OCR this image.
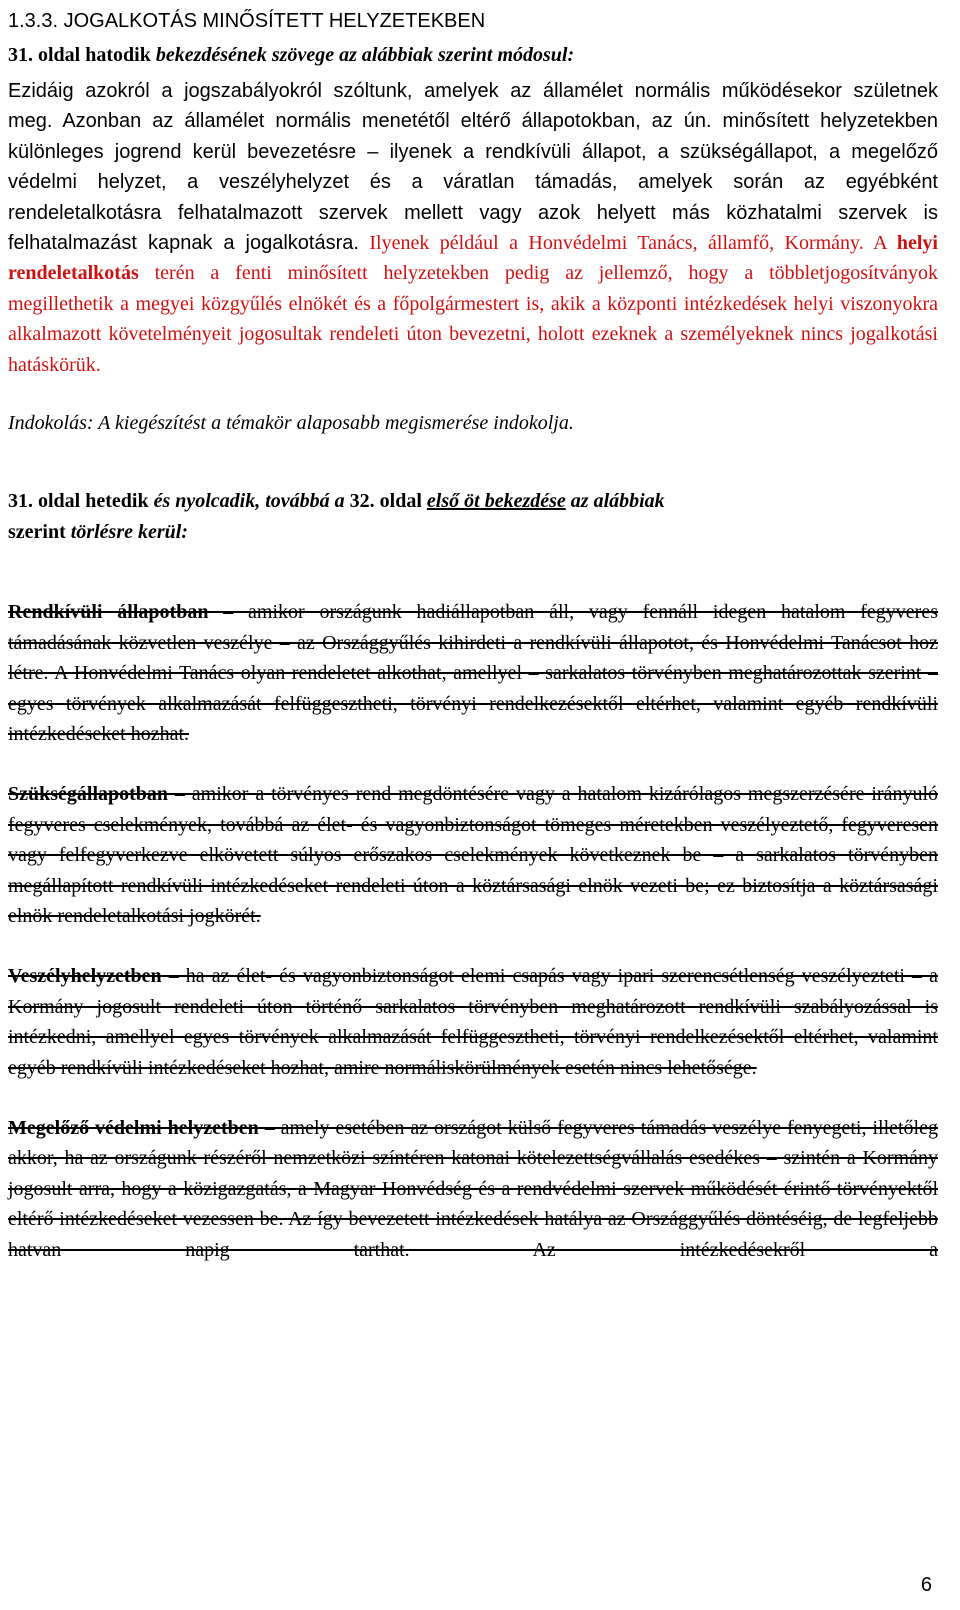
1.3.3. JOGALKOTÁS MINŐSÍTETT HELYZETEKBEN
31. oldal hatodik bekezdésének szövege az alábbiak szerint módosul:

Ezidáig azokról a jogszabályokról szóltunk, amelyek az államélet normális működésekor születnek meg. Azonban az államélet normális menetétől eltérő állapotokban, az ún. minősített helyzetekben különleges jogrend kerül bevezetésre – ilyenek a rendkívüli állapot, a szükségállapot, a megelőző védelmi helyzet, a veszélyhelyzet és a váratlan támadás, amelyek során az egyébként rendeletalkotásra felhatalmazott szervek mellett vagy azok helyett más közhatalmi szervek is felhatalmazást kapnak a jogalkotásra. Ilyenek például a Honvédelmi Tanács, államfő, Kormány. A helyi rendeletalkotás terén a fenti minősített helyzetekben pedig az jellemző, hogy a többletjogosítványok megillethetik a megyei közgyűlés elnökét és a főpolgármestert is, akik a központi intézkedések helyi viszonyokra alkalmazott követelményeit jogosultak rendeleti úton bevezetni, holott ezeknek a személyeknek nincs jogalkotási hatáskörük.

Indokolás: A kiegészítést a témakör alaposabb megismerése indokolja.

31. oldal hetedik és nyolcadik, továbbá a 32. oldal első öt bekezdése az alábbiak
szerint törlésre kerül:

Rendkívüli állapotban – amikor országunk hadiállapotban áll, vagy fennáll idegen hatalom fegyveres támadásának közvetlen veszélye – az Országgyűlés kihirdeti a rendkívüli állapotot, és Honvédelmi Tanácsot hoz létre. A Honvédelmi Tanács olyan rendeletet alkothat, amellyel – sarkalatos törvényben meghatározottak szerint – egyes törvények alkalmazását felfüggesztheti, törvényi rendelkezésektől eltérhet, valamint egyéb rendkívüli intézkedéseket hozhat.

Szükségállapotban – amikor a törvényes rend megdöntésére vagy a hatalom kizárólagos megszerzésére irányuló fegyveres cselekmények, továbbá az élet- és vagyonbiztonságot tömeges méretekben veszélyeztető, fegyveresen vagy felfegyverkezve elkövetett súlyos erőszakos cselekmények következnek be – a sarkalatos törvényben megállapított rendkívüli intézkedéseket rendeleti úton a köztársasági elnök vezeti be; ez biztosítja a köztársasági elnök rendeletalkotási jogkörét.

Veszélyhelyzetben – ha az élet- és vagyonbiztonságot elemi csapás vagy ipari szerencsétlenség veszélyezteti – a Kormány jogosult rendeleti úton történő sarkalatos törvényben meghatározott rendkívüli szabályozással is intézkedni, amellyel egyes törvények alkalmazását felfüggesztheti, törvényi rendelkezésektől eltérhet, valamint egyéb rendkívüli intézkedéseket hozhat, amire normáliskörülmények esetén nincs lehetősége.

Megelőző védelmi helyzetben – amely esetében az országot külső fegyveres támadás veszélye fenyegeti, illetőleg akkor, ha az országunk részéről nemzetközi színtéren katonai kötelezettségvállalás esedékes – szintén a Kormány jogosult arra, hogy a közigazgatás, a Magyar Honvédség és a rendvédelmi szervek működését érintő törvényektől eltérő intézkedéseket vezessen be. Az így bevezetett intézkedések hatálya az Országgyűlés döntéséig, de legfeljebb hatvan napig tarthat. Az intézkedésekről a

6
